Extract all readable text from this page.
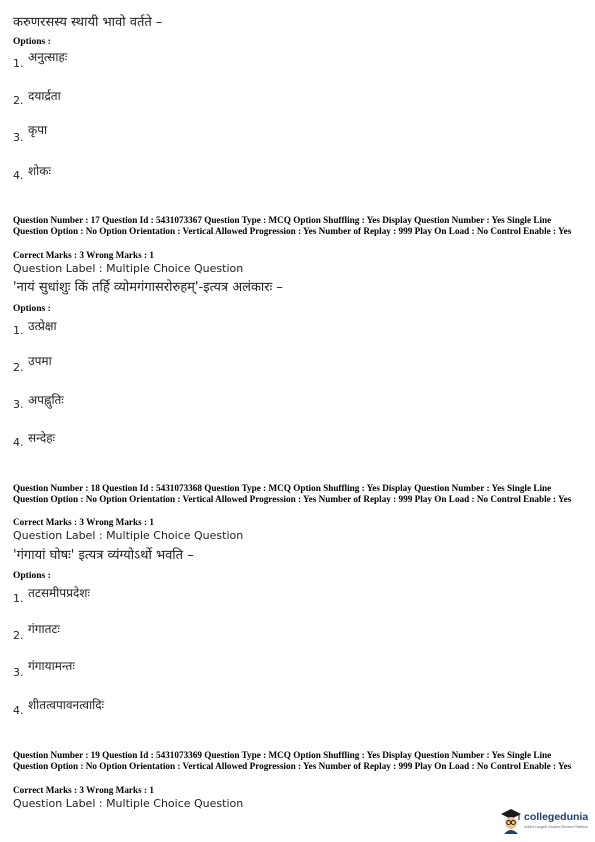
करुणरसस्य स्थायी भावो वर्तते –
Options :
1. अनुत्साहः
2. दयार्द्रता
3.
कृपा
4. शोकः
Question Number : 17 Question Id : 5431073367 Question Type : MCQ Option Shuffling : Yes Display Question Number : Yes Single Line Question Option : No Option Orientation : Vertical Allowed Progression : Yes Number of Replay : 999 Play On Load : No Control Enable : Yes
Correct Marks : 3 Wrong Marks : 1
Question Label : Multiple Choice Question
'नायं सुधांशुः किं तर्हि व्योमगंगासरोरुहम्'-इत्यत्र अलंकारः –
Options :
1. उत्प्रेक्षा
2. उपमा
3. अपह्नुतिः
4. सन्देहः
Question Number : 18 Question Id : 5431073368 Question Type : MCQ Option Shuffling : Yes Display Question Number : Yes Single Line Question Option : No Option Orientation : Vertical Allowed Progression : Yes Number of Replay : 999 Play On Load : No Control Enable : Yes
Correct Marks : 3 Wrong Marks : 1
Question Label : Multiple Choice Question
'गंगायां घोषः' इत्यत्र व्यंग्योऽर्थो भवति –
Options :
1. तटसमीपप्रदेशः
2. गंगातटः
3. गंगायामन्तः
4. शीतत्वपावनत्वादिः
Question Number : 19 Question Id : 5431073369 Question Type : MCQ Option Shuffling : Yes Display Question Number : Yes Single Line Question Option : No Option Orientation : Vertical Allowed Progression : Yes Number of Replay : 999 Play On Load : No Control Enable : Yes
Correct Marks : 3 Wrong Marks : 1
Question Label : Multiple Choice Question
collegedunia
India's Largest Student Review Platform
